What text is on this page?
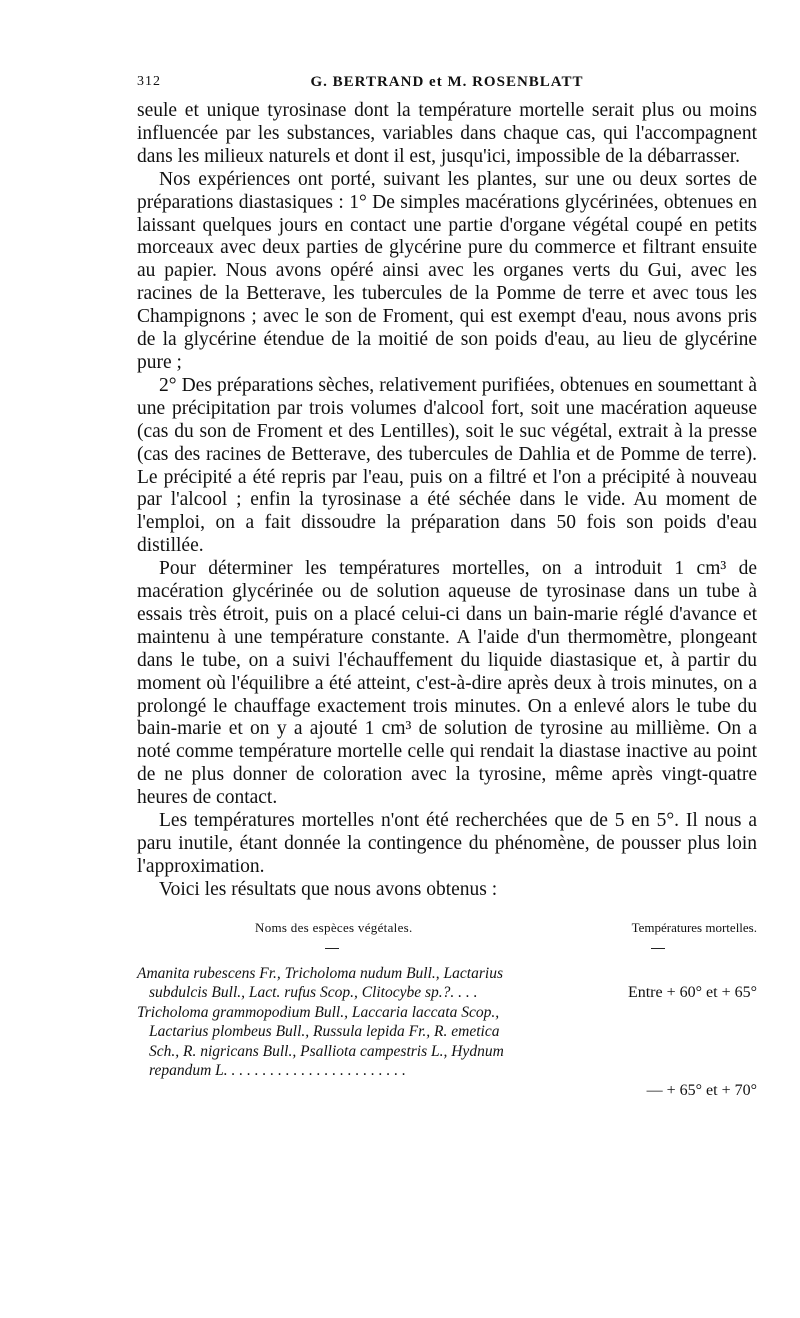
312	G. BERTRAND et M. ROSENBLATT

seule et unique tyrosinase dont la température mortelle serait plus ou moins influencée par les substances, variables dans chaque cas, qui l'accompagnent dans les milieux naturels et dont il est, jusqu'ici, impossible de la débarrasser.

Nos expériences ont porté, suivant les plantes, sur une ou deux sortes de préparations diastasiques : 1° De simples macérations glycérinées, obtenues en laissant quelques jours en contact une partie d'organe végétal coupé en petits morceaux avec deux parties de glycérine pure du commerce et filtrant ensuite au papier. Nous avons opéré ainsi avec les organes verts du Gui, avec les racines de la Betterave, les tubercules de la Pomme de terre et avec tous les Champignons ; avec le son de Froment, qui est exempt d'eau, nous avons pris de la glycérine étendue de la moitié de son poids d'eau, au lieu de glycérine pure ;

2° Des préparations sèches, relativement purifiées, obtenues en soumettant à une précipitation par trois volumes d'alcool fort, soit une macération aqueuse (cas du son de Froment et des Lentilles), soit le suc végétal, extrait à la presse (cas des racines de Betterave, des tubercules de Dahlia et de Pomme de terre). Le précipité a été repris par l'eau, puis on a filtré et l'on a précipité à nouveau par l'alcool ; enfin la tyrosinase a été séchée dans le vide. Au moment de l'emploi, on a fait dissoudre la préparation dans 50 fois son poids d'eau distillée.

Pour déterminer les températures mortelles, on a introduit 1 cm³ de macération glycérinée ou de solution aqueuse de tyrosinase dans un tube à essais très étroit, puis on a placé celui-ci dans un bain-marie réglé d'avance et maintenu à une température constante. A l'aide d'un thermomètre, plongeant dans le tube, on a suivi l'échauffement du liquide diastasique et, à partir du moment où l'équilibre a été atteint, c'est-à-dire après deux à trois minutes, on a prolongé le chauffage exactement trois minutes. On a enlevé alors le tube du bain-marie et on y a ajouté 1 cm³ de solution de tyrosine au millième. On a noté comme température mortelle celle qui rendait la diastase inactive au point de ne plus donner de coloration avec la tyrosine, même après vingt-quatre heures de contact.

Les températures mortelles n'ont été recherchées que de 5 en 5°. Il nous a paru inutile, étant donnée la contingence du phénomène, de pousser plus loin l'approximation.

Voici les résultats que nous avons obtenus :

Noms des espèces végétales.	Températures mortelles.
Amanita rubescens Fr., Tricholoma nudum Bull., Lactarius
subdulcis Bull., Lact. rufus Scop., Clitocybe sp.?. . . .	Entre + 60° et + 65°
Tricholoma grammopodium Bull., Laccaria laccata Scop.,
Lactarius plombeus Bull., Russula lepida Fr., R. emetica
Sch., R. nigricans Bull., Psalliota campestris L., Hydnum
repandum L. . . . . . . . . . . . . . . . . . . . . . . .
— + 65° et + 70°
